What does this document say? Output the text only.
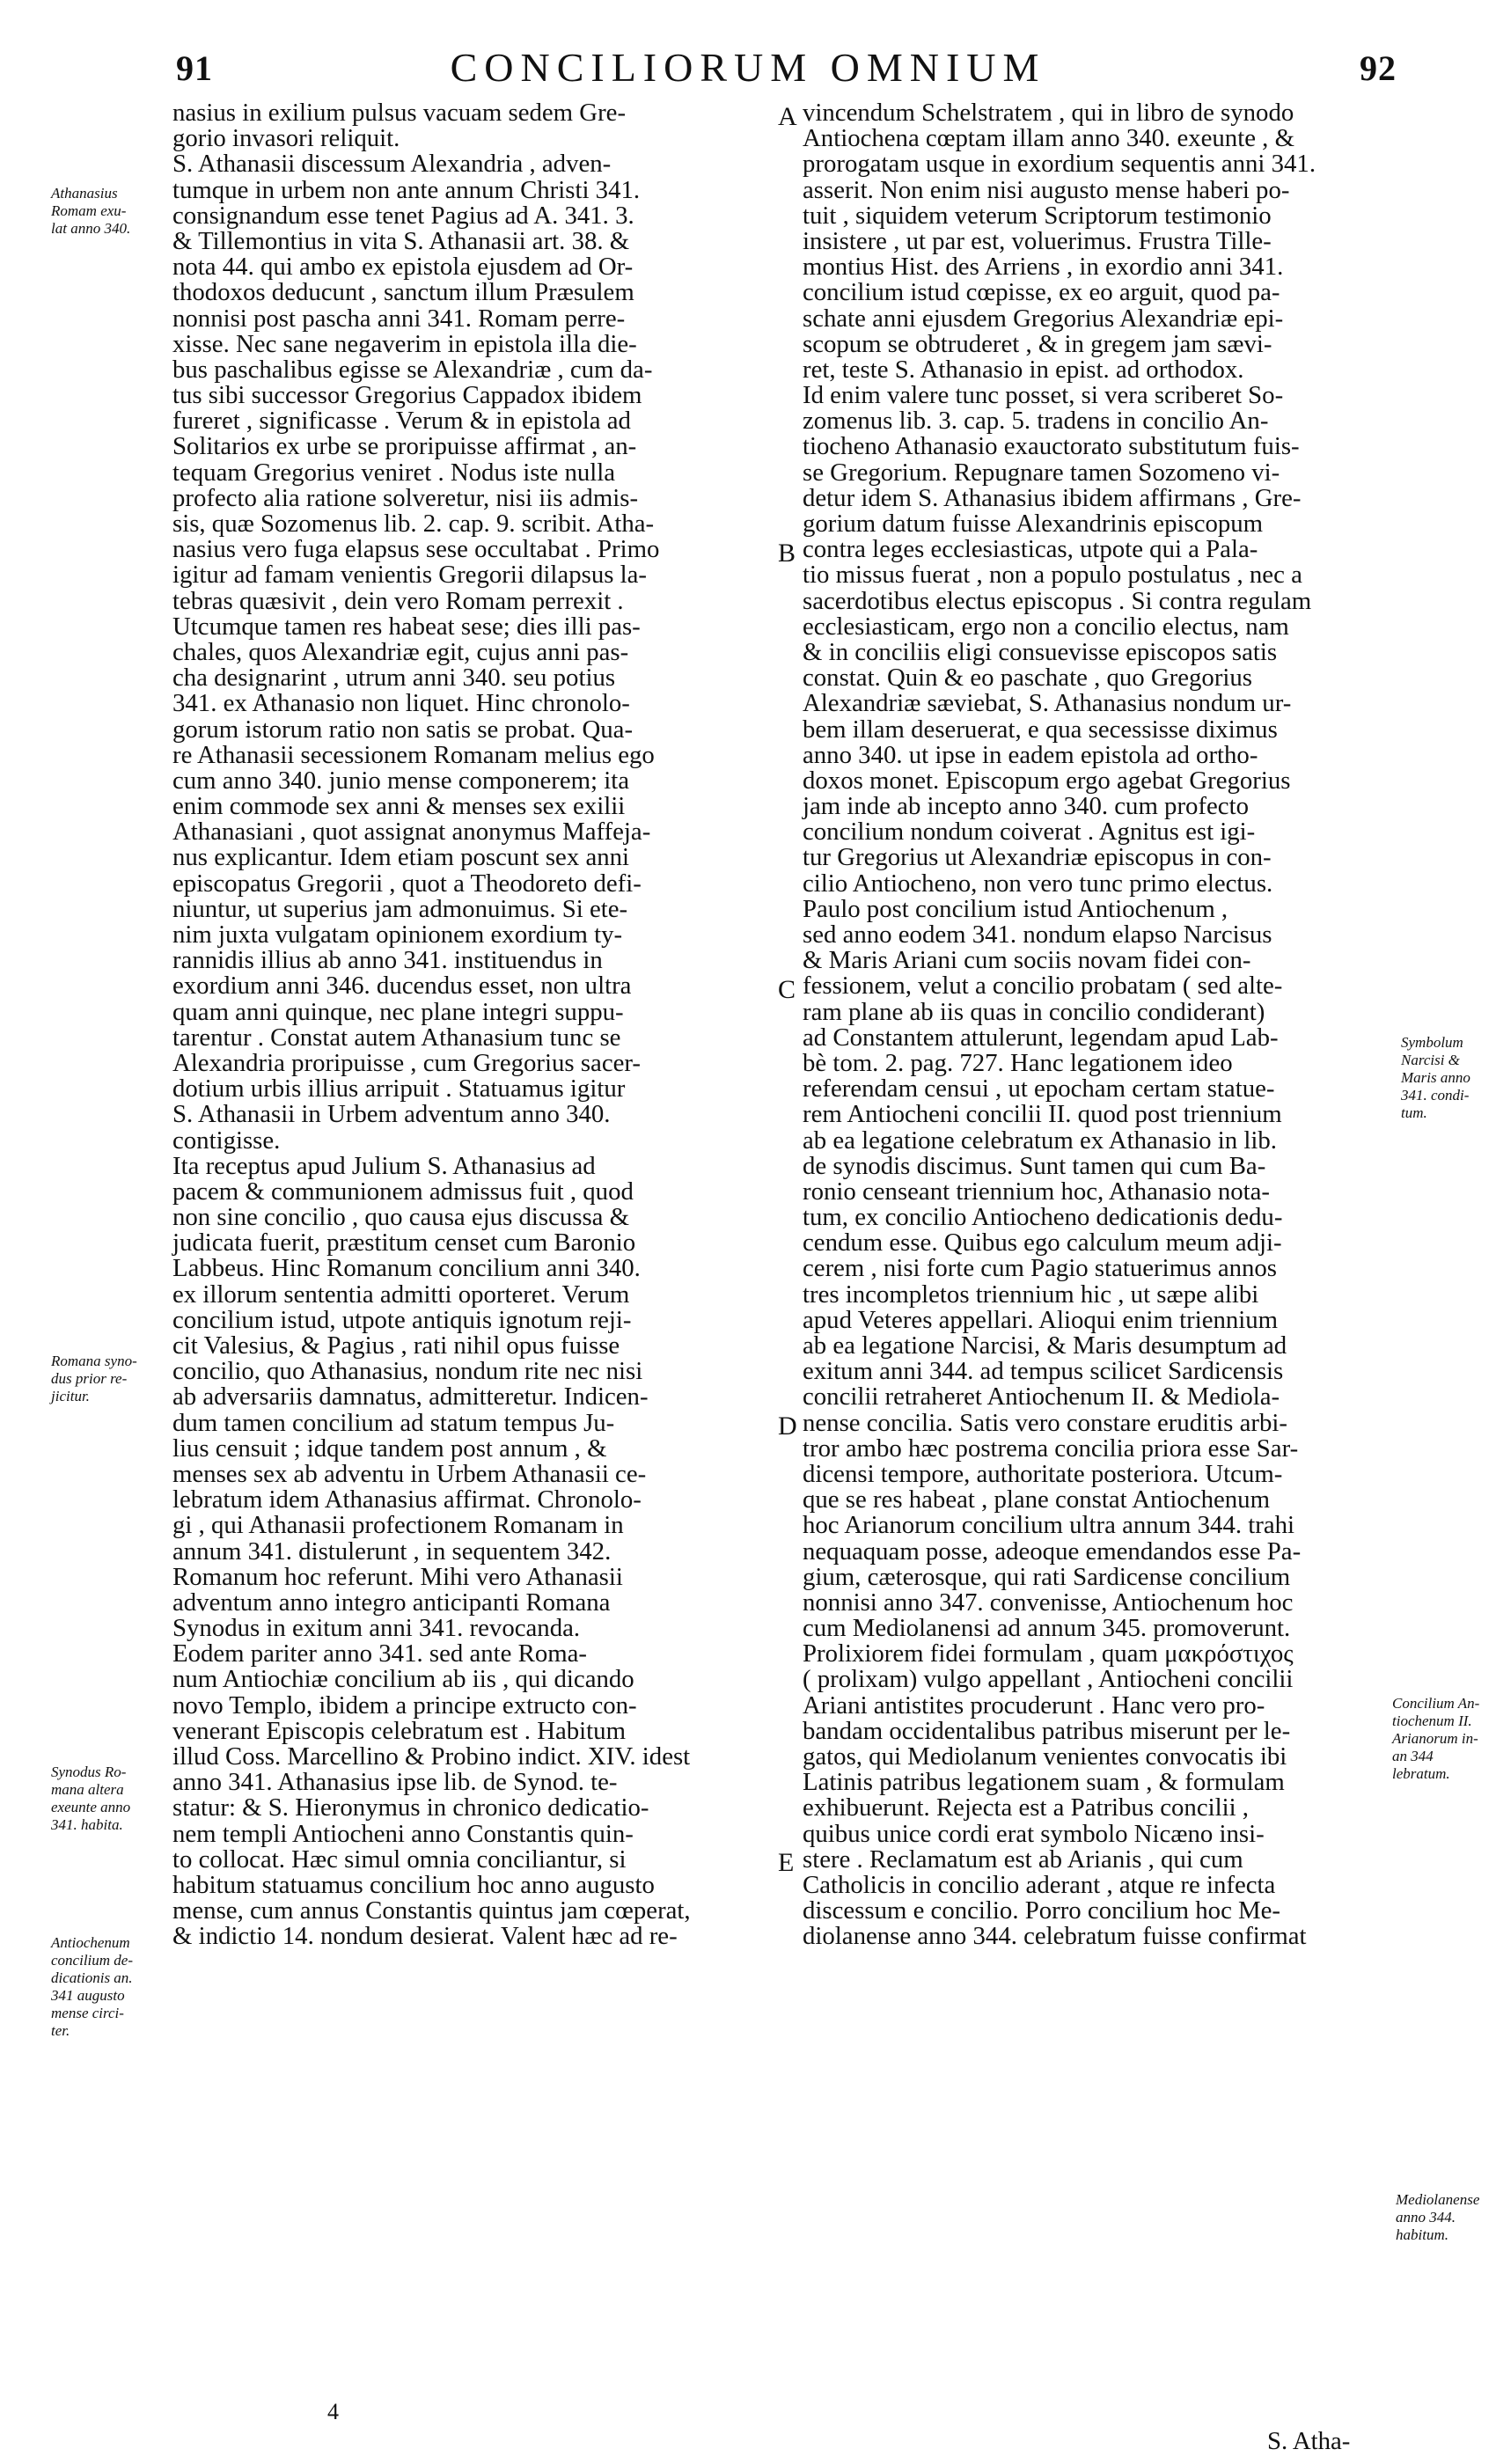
91	CONCILIORUM OMNIUM	92
nasius in exilium pulsus vacuam sedem Gre-
gorio invasori reliquit.
S. Athanasii discessum Alexandria , adven-
tumque in urbem non ante annum Christi 341.
consignandum esse tenet Pagius ad A. 341. 3.
& Tillemontius in vita S. Athanasii art. 38. &
nota 44. qui ambo ex epistola ejusdem ad Or-
thodoxos deducunt , sanctum illum Præsulem
nonnisi post pascha anni 341. Romam perre-
xisse. Nec sane negaverim in epistola illa die-
bus paschalibus egisse se Alexandriæ , cum da-
tus sibi successor Gregorius Cappadox ibidem
fureret , significasse . Verum & in epistola ad
Solitarios ex urbe se proripuisse affirmat , an-
tequam Gregorius veniret . Nodus iste nulla
profecto alia ratione solveretur, nisi iis admis-
sis, quæ Sozomenus lib. 2. cap. 9. scribit. Atha-
nasius vero fuga elapsus sese occultabat . Primo
igitur ad famam venientis Gregorii dilapsus la-
tebras quæsivit , dein vero Romam perrexit .
Utcumque tamen res habeat sese; dies illi pas-
chales, quos Alexandriæ egit, cujus anni pas-
cha designarint , utrum anni 340. seu potius
341. ex Athanasio non liquet. Hinc chronolo-
gorum istorum ratio non satis se probat. Qua-
re Athanasii secessionem Romanam melius ego
cum anno 340. junio mense componerem; ita
enim commode sex anni & menses sex exilii
Athanasiani , quot assignat anonymus Maffeja-
nus explicantur. Idem etiam poscunt sex anni
episcopatus Gregorii , quot a Theodoreto defi-
niuntur, ut superius jam admonuimus. Si ete-
nim juxta vulgatam opinionem exordium ty-
rannidis illius ab anno 341. instituendus in
exordium anni 346. ducendus esset, non ultra
quam anni quinque, nec plane integri suppu-
tarentur . Constat autem Athanasium tunc se
Alexandria proripuisse , cum Gregorius sacer-
dotium urbis illius arripuit . Statuamus igitur
S. Athanasii in Urbem adventum anno 340.
contigisse.
Ita receptus apud Julium S. Athanasius ad
pacem & communionem admissus fuit , quod
non sine concilio , quo causa ejus discussa &
judicata fuerit, præstitum censet cum Baronio
Labbeus. Hinc Romanum concilium anni 340.
ex illorum sententia admitti oporteret. Verum
concilium istud, utpote antiquis ignotum reji-
cit Valesius, & Pagius , rati nihil opus fuisse
concilio, quo Athanasius, nondum rite nec nisi
ab adversariis damnatus, admitteretur. Indicen-
dum tamen concilium ad statum tempus Ju-
lius censuit ; idque tandem post annum , &
menses sex ab adventu in Urbem Athanasii ce-
lebratum idem Athanasius affirmat. Chronolo-
gi , qui Athanasii profectionem Romanam in
annum 341. distulerunt , in sequentem 342.
Romanum hoc referunt. Mihi vero Athanasii
adventum anno integro anticipanti Romana
Synodus in exitum anni 341. revocanda.
Eodem pariter anno 341. sed ante Roma-
num Antiochiæ concilium ab iis , qui dicando
novo Templo, ibidem a principe extructo con-
venerant Episcopis celebratum est . Habitum
illud Coss. Marcellino & Probino indict. XIV. idest
anno 341. Athanasius ipse lib. de Synod. te-
statur: & S. Hieronymus in chronico dedicatio-
nem templi Antiocheni anno Constantis quin-
to collocat. Hæc simul omnia conciliantur, si
habitum statuamus concilium hoc anno augusto
mense, cum annus Constantis quintus jam cœperat,
& indictio 14. nondum desierat. Valent hæc ad re-
vincendum Schelstratem , qui in libro de synodo
Antiochena cœptam illam anno 340. exeunte , &
prorogatam usque in exordium sequentis anni 341.
asserit. Non enim nisi augusto mense haberi po-
tuit , siquidem veterum Scriptorum testimonio
insistere , ut par est, voluerimus. Frustra Tille-
montius Hist. des Arriens , in exordio anni 341.
concilium istud cœpisse, ex eo arguit, quod pa-
schate anni ejusdem Gregorius Alexandriæ epi-
scopum se obtruderet , & in gregem jam sævi-
ret, teste S. Athanasio in epist. ad orthodox.
Id enim valere tunc posset, si vera scriberet So-
zomenus lib. 3. cap. 5. tradens in concilio An-
tiocheno Athanasio exauctorato substitutum fuis-
se Gregorium. Repugnare tamen Sozomeno vi-
detur idem S. Athanasius ibidem affirmans , Gre-
gorium datum fuisse Alexandrinis episcopum
contra leges ecclesiasticas, utpote qui a Pala-
tio missus fuerat , non a populo postulatus , nec a
sacerdotibus electus episcopus . Si contra regulam
ecclesiasticam, ergo non a concilio electus, nam
& in conciliis eligi consuevisse episcopos satis
constat. Quin & eo paschate , quo Gregorius
Alexandriæ sæviebat, S. Athanasius nondum ur-
bem illam deseruerat, e qua secessisse diximus
anno 340. ut ipse in eadem epistola ad ortho-
doxos monet. Episcopum ergo agebat Gregorius
jam inde ab incepto anno 340. cum profecto
concilium nondum coiverat . Agnitus est igi-
tur Gregorius ut Alexandriæ episcopus in con-
cilio Antiocheno, non vero tunc primo electus.
Paulo post concilium istud Antiochenum ,
sed anno eodem 341. nondum elapso Narcisus
& Maris Ariani cum sociis novam fidei con-
fessionem, velut a concilio probatam ( sed alte-
ram plane ab iis quas in concilio condiderant)
ad Constantem attulerunt, legendam apud Lab-
bè tom. 2. pag. 727. Hanc legationem ideo
referendam censui , ut epocham certam statue-
rem Antiocheni concilii II. quod post triennium
ab ea legatione celebratum ex Athanasio in lib.
de synodis discimus. Sunt tamen qui cum Ba-
ronio censeant triennium hoc, Athanasio nota-
tum, ex concilio Antiocheno dedicationis dedu-
cendum esse. Quibus ego calculum meum adji-
cerem , nisi forte cum Pagio statuerimus annos
tres incompletos triennium hic , ut sæpe alibi
apud Veteres appellari. Alioqui enim triennium
ab ea legatione Narcisi, & Maris desumptum ad
exitum anni 344. ad tempus scilicet Sardicensis
concilii retraheret Antiochenum II. & Mediola-
nense concilia. Satis vero constare eruditis arbi-
tror ambo hæc postrema concilia priora esse Sar-
dicensi tempore, authoritate posteriora. Utcum-
que se res habeat , plane constat Antiochenum
hoc Arianorum concilium ultra annum 344. trahi
nequaquam posse, adeoque emendandos esse Pa-
gium, cæterosque, qui rati Sardicense concilium
nonnisi anno 347. convenisse, Antiochenum hoc
cum Mediolanensi ad annum 345. promoverunt.
Prolixiorem fidei formulam , quam μακρόστιχος
( prolixam) vulgo appellant , Antiocheni concilii
Ariani antistites procuderunt . Hanc vero pro-
bandam occidentalibus patribus miserunt per le-
gatos, qui Mediolanum venientes convocatis ibi
Latinis patribus legationem suam , & formulam
exhibuerunt. Rejecta est a Patribus concilii ,
quibus unice cordi erat symbolo Nicæno insi-
stere . Reclamatum est ab Arianis , qui cum
Catholicis in concilio aderant , atque re infecta
discessum e concilio. Porro concilium hoc Me-
diolanense anno 344. celebratum fuisse confirmat
A
B
C
D
E
Athanasius
Romam exu-
lat anno 340.
Romana syno-
dus prior re-
jicitur.
Synodus Ro-
mana altera
exeunte anno
341. habita.
Antiochenum
concilium de-
dicationis an.
341 augusto
mense circi-
ter.
Symbolum
Narcisi &
Maris anno
341. condi-
tum.
Concilium An-
tiochenum II.
Arianorum in-
an 344
lebratum.
Mediolanense
anno 344.
habitum.
4
S. Atha-
